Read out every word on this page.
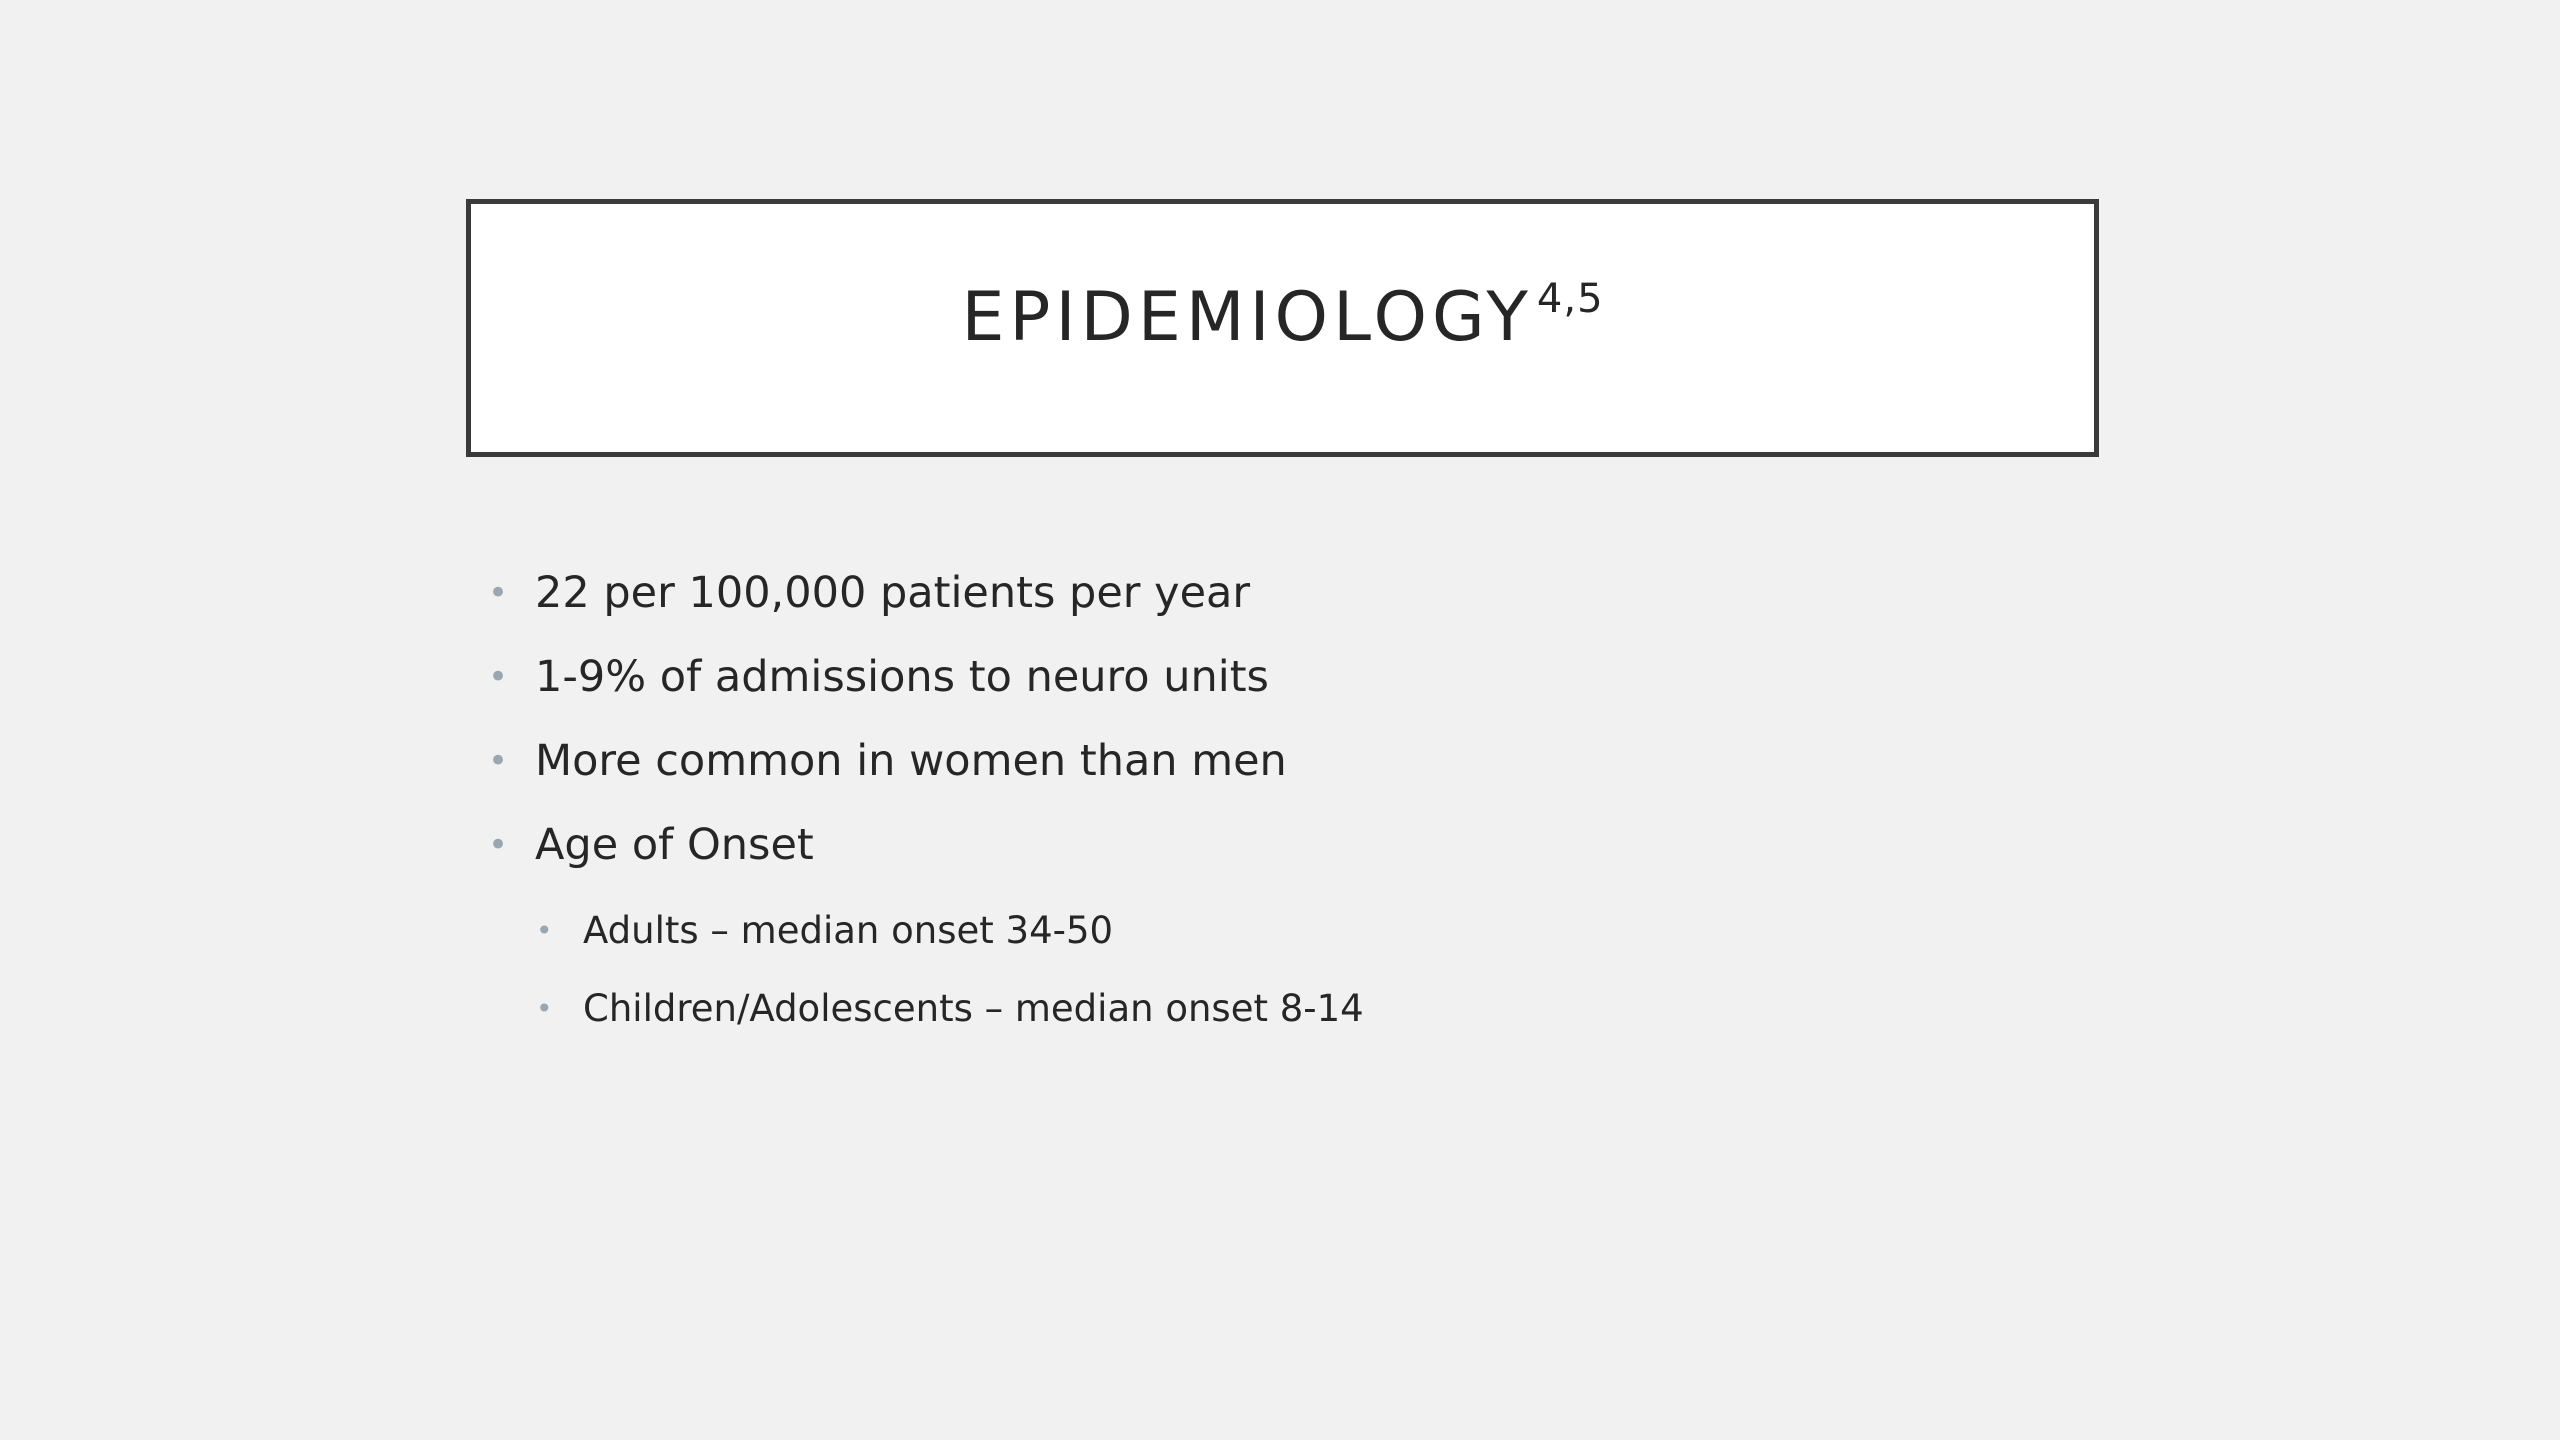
EPIDEMIOLOGY $^{4,5}$
• 22 per 100,000 patients per year
• 1-9% of admissions to neuro units
• More common in women than men
• Age of Onset
• Adults – median onset 34-50
• Children/Adolescents – median onset 8-14
